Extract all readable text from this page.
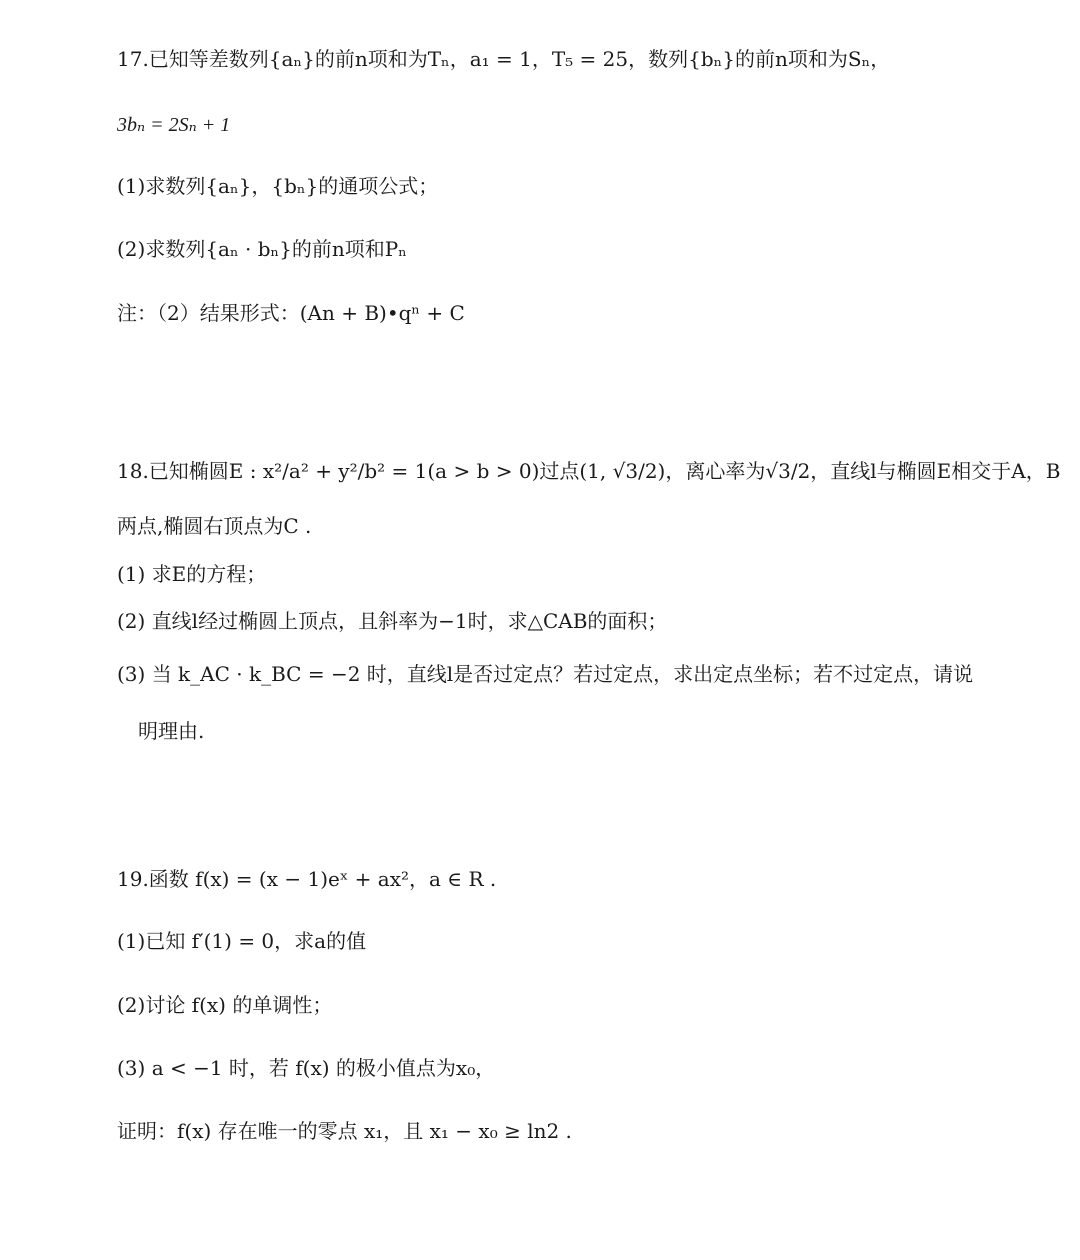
17.已知等差数列{aₙ}的前n项和为Tₙ，a₁ = 1，T₅ = 25，数列{bₙ}的前n项和为Sₙ，
3bₙ = 2Sₙ + 1
(1)求数列{aₙ}，{bₙ}的通项公式；
(2)求数列{aₙ · bₙ}的前n项和Pₙ
注：（2）结果形式：(An + B)•qⁿ + C
18.已知椭圆E : x²/a² + y²/b² = 1(a > b > 0)过点(1, √3/2)，离心率为√3/2，直线l与椭圆E相交于A，B
两点,椭圆右顶点为C .
(1) 求E的方程；
(2) 直线l经过椭圆上顶点，且斜率为−1时，求△CAB的面积；
(3) 当 k_AC · k_BC = −2 时，直线l是否过定点？若过定点，求出定点坐标；若不过定点，请说
明理由.
19.函数 f(x) = (x − 1)eˣ + ax²，a ∈ R .
(1)已知 f′(1) = 0，求a的值
(2)讨论 f(x) 的单调性；
(3) a < −1 时，若 f(x) 的极小值点为x₀，
证明：f(x) 存在唯一的零点 x₁，且 x₁ − x₀ ≥ ln2 .
